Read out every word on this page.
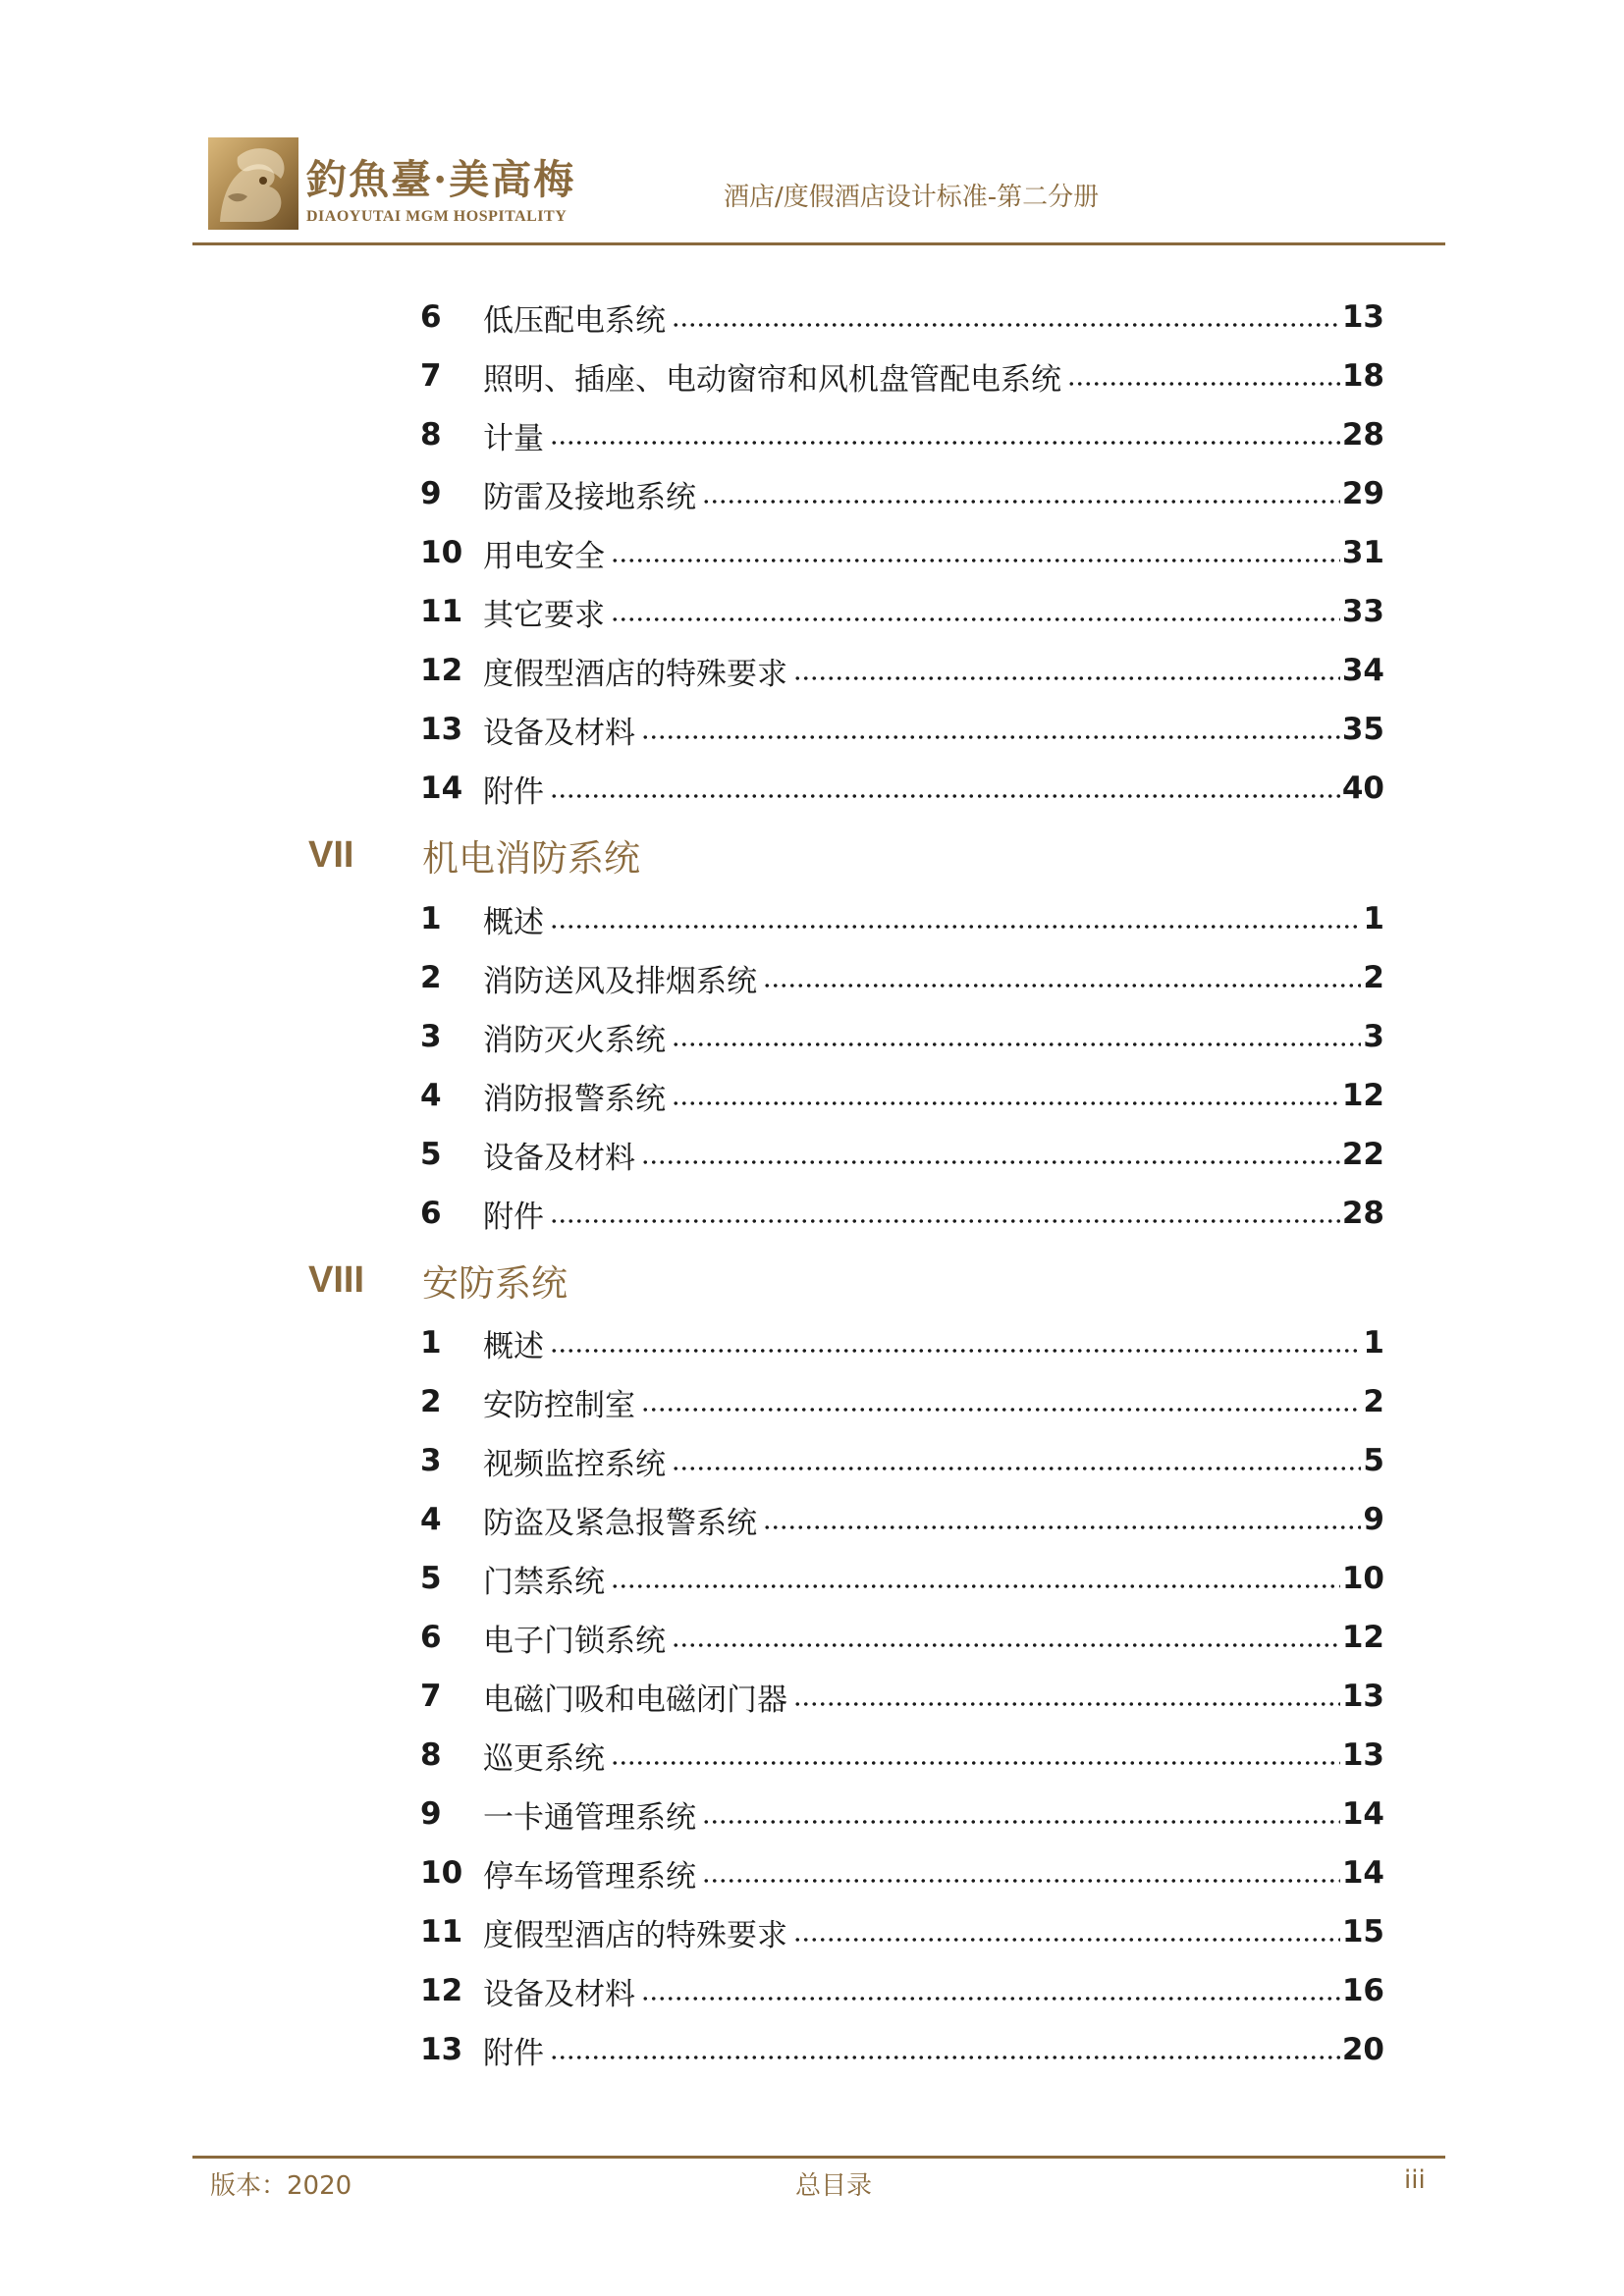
釣魚臺·美高梅
DIAOYUTAI MGM HOSPITALITY
酒店/度假酒店设计标准-第二分册
6	低压配电系统	13
7	照明、插座、电动窗帘和风机盘管配电系统	18
8	计量	28
9	防雷及接地系统	29
10 用电安全	31
11 其它要求	33
12 度假型酒店的特殊要求	34
13 设备及材料	35
14 附件	40
VII	机电消防系统
1	概述	1
2	消防送风及排烟系统	2
3	消防灭火系统	3
4	消防报警系统	12
5	设备及材料	22
6	附件	28
VIII	安防系统
1	概述	1
2	安防控制室	2
3	视频监控系统	5
4	防盗及紧急报警系统	9
5	门禁系统	10
6	电子门锁系统	12
7	电磁门吸和电磁闭门器	13
8	巡更系统	13
9	一卡通管理系统	14
10 停车场管理系统	14
11 度假型酒店的特殊要求	15
12 设备及材料	16
13 附件	20
版本：2020	总目录	iii
